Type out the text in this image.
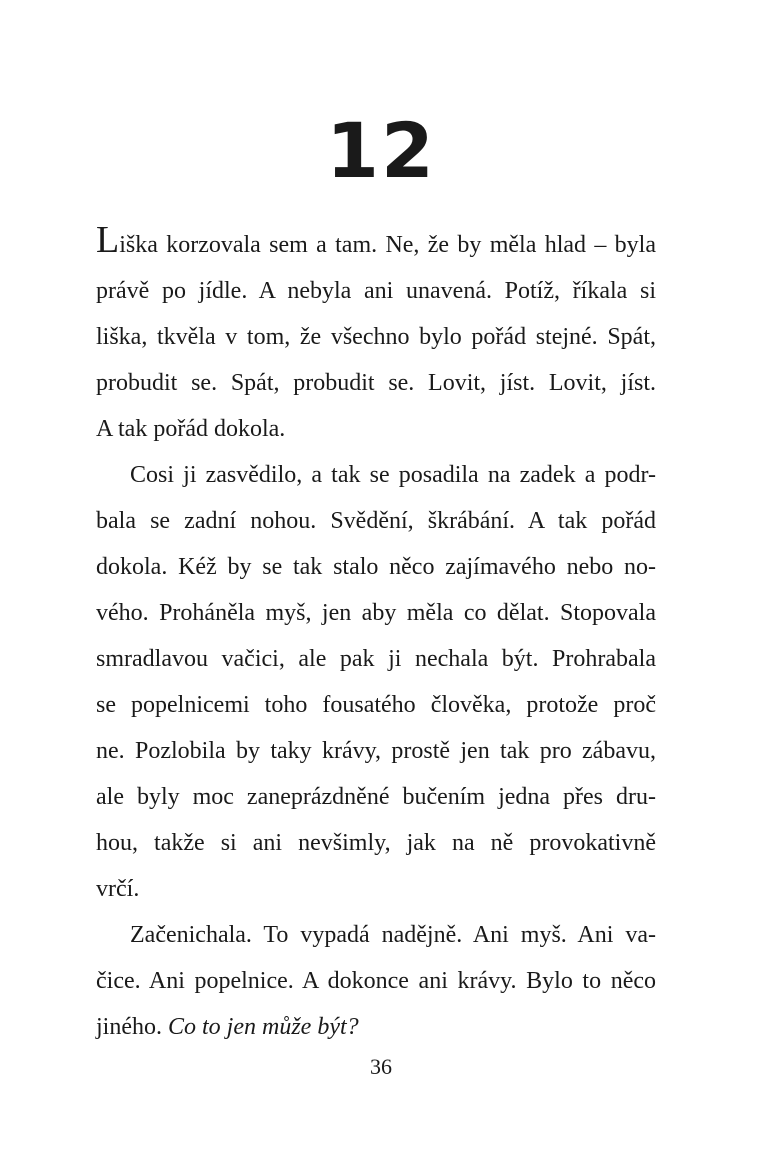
12
Liška korzovala sem a tam. Ne, že by měla hlad – byla
právě po jídle. A nebyla ani unavená. Potíž, říkala si
liška, tkvěla v tom, že všechno bylo pořád stejné. Spát,
probudit se. Spát, probudit se. Lovit, jíst. Lovit, jíst.
A tak pořád dokola.
Cosi ji zasvědilo, a tak se posadila na zadek a podr-
bala se zadní nohou. Svědění, škrábání. A tak pořád
dokola. Kéž by se tak stalo něco zajímavého nebo no-
vého. Proháněla myš, jen aby měla co dělat. Stopovala
smradlavou vačici, ale pak ji nechala být. Prohrabala
se popelnicemi toho fousatého člověka, protože proč
ne. Pozlobila by taky krávy, prostě jen tak pro zábavu,
ale byly moc zaneprázdněné bučením jedna přes dru-
hou, takže si ani nevšimly, jak na ně provokativně
vrčí.
Začenichala. To vypadá nadějně. Ani myš. Ani va-
čice. Ani popelnice. A dokonce ani krávy. Bylo to něco
jiného. Co to jen může být?
36
